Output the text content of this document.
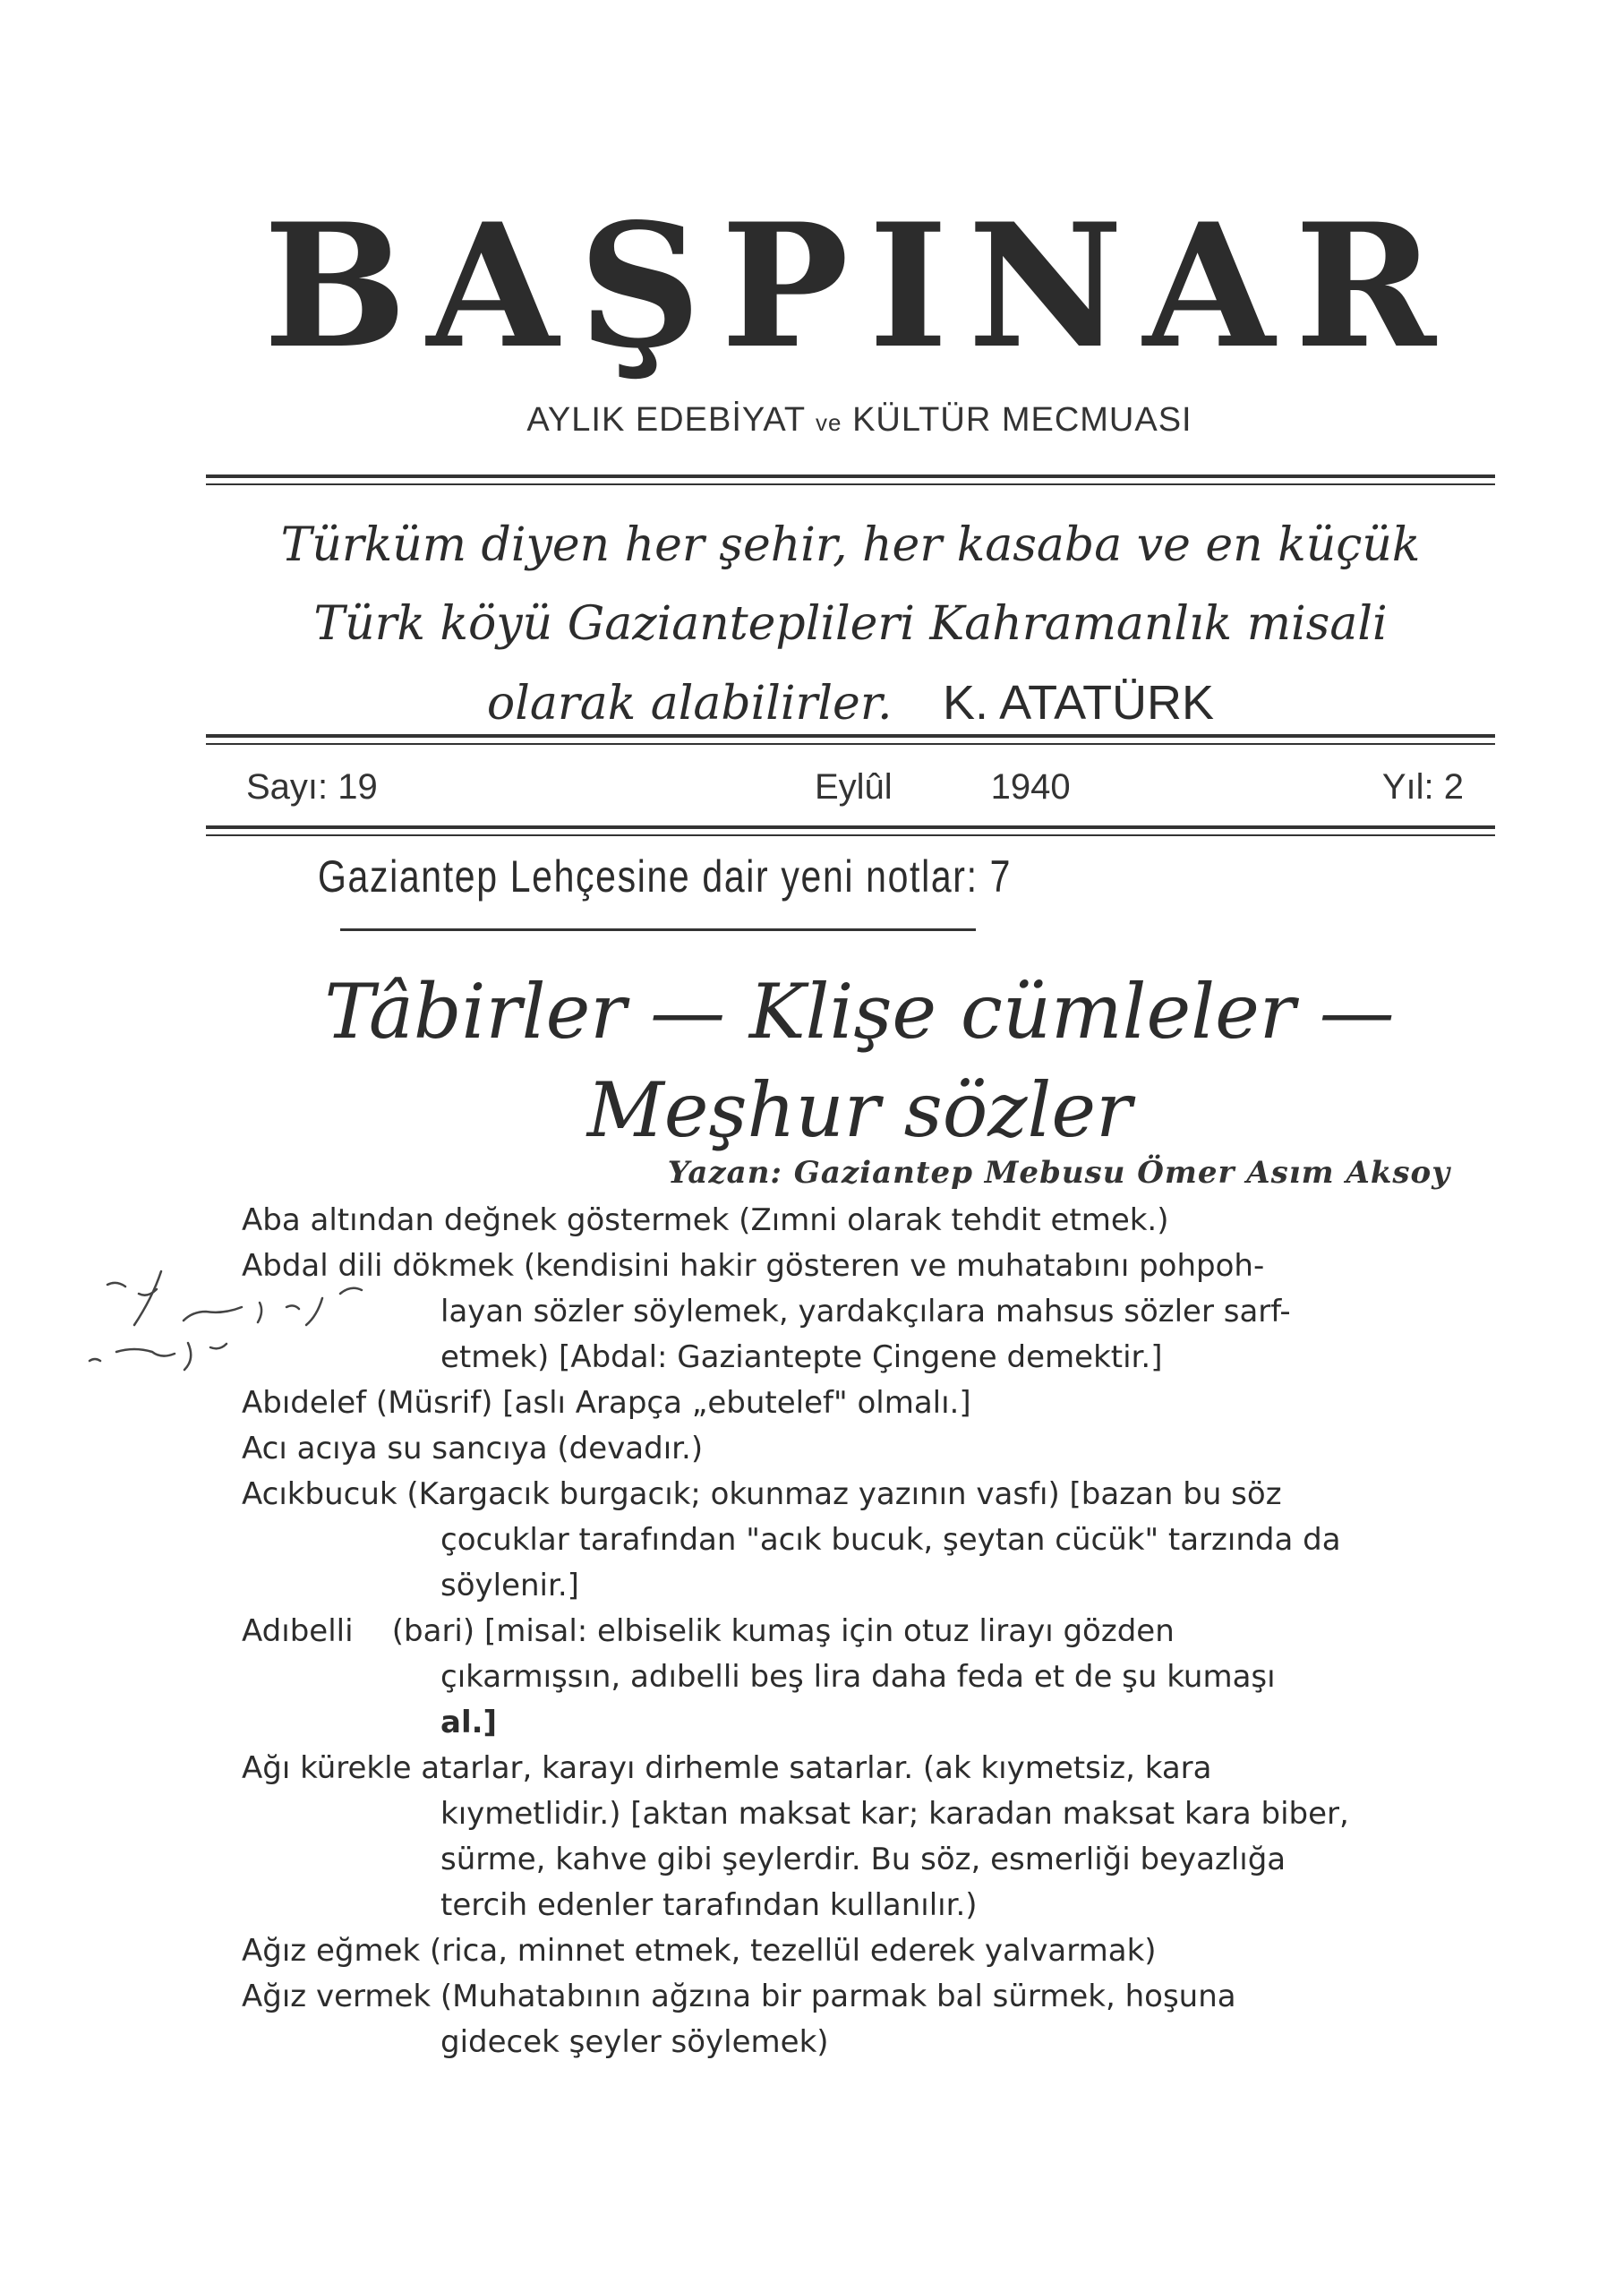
BAŞPINAR
AYLIK EDEBİYAT ve KÜLTÜR MECMUASI
Türküm diyen her şehir, her kasaba ve en küçük
Türk köyü Gazianteplileri Kahramanlık misali
olarak alabilirler. K. ATATÜRK
Sayı: 19	Eylûl	1940	Yıl: 2
Gaziantep Lehçesine dair yeni notlar: 7
Tâbirler — Klişe cümleler —
Meşhur sözler
Yazan: Gaziantep Mebusu Ömer Asım Aksoy

Aba altından değnek göstermek (Zımni olarak tehdit etmek.)

Abdal dili dökmek (kendisini hakir gösteren ve muhatabını pohpoh-
layan sözler söylemek, yardakçılara mahsus sözler sarf-
etmek) [Abdal: Gaziantepte Çingene demektir.]

Abıdelef (Müsrif) [aslı Arapça „ebutelef" olmalı.]

Acı acıya su sancıya (devadır.)

Acıkbucuk (Kargacık burgacık; okunmaz yazının vasfı) [bazan bu söz
çocuklar tarafından "acık bucuk, şeytan cücük" tarzında da
söylenir.]

Adıbelli    (bari) [misal: elbiselik kumaş için otuz lirayı gözden
çıkarmışsın, adıbelli beş lira daha feda et de şu kumaşı
al.]

Ağı kürekle atarlar, karayı dirhemle satarlar. (ak kıymetsiz, kara
kıymetlidir.) [aktan maksat kar; karadan maksat kara biber,
sürme, kahve gibi şeylerdir. Bu söz, esmerliği beyazlığa
tercih edenler tarafından kullanılır.)

Ağız eğmek (rica, minnet etmek, tezellül ederek yalvarmak)

Ağız vermek (Muhatabının ağzına bir parmak bal sürmek, hoşuna
gidecek şeyler söylemek)
